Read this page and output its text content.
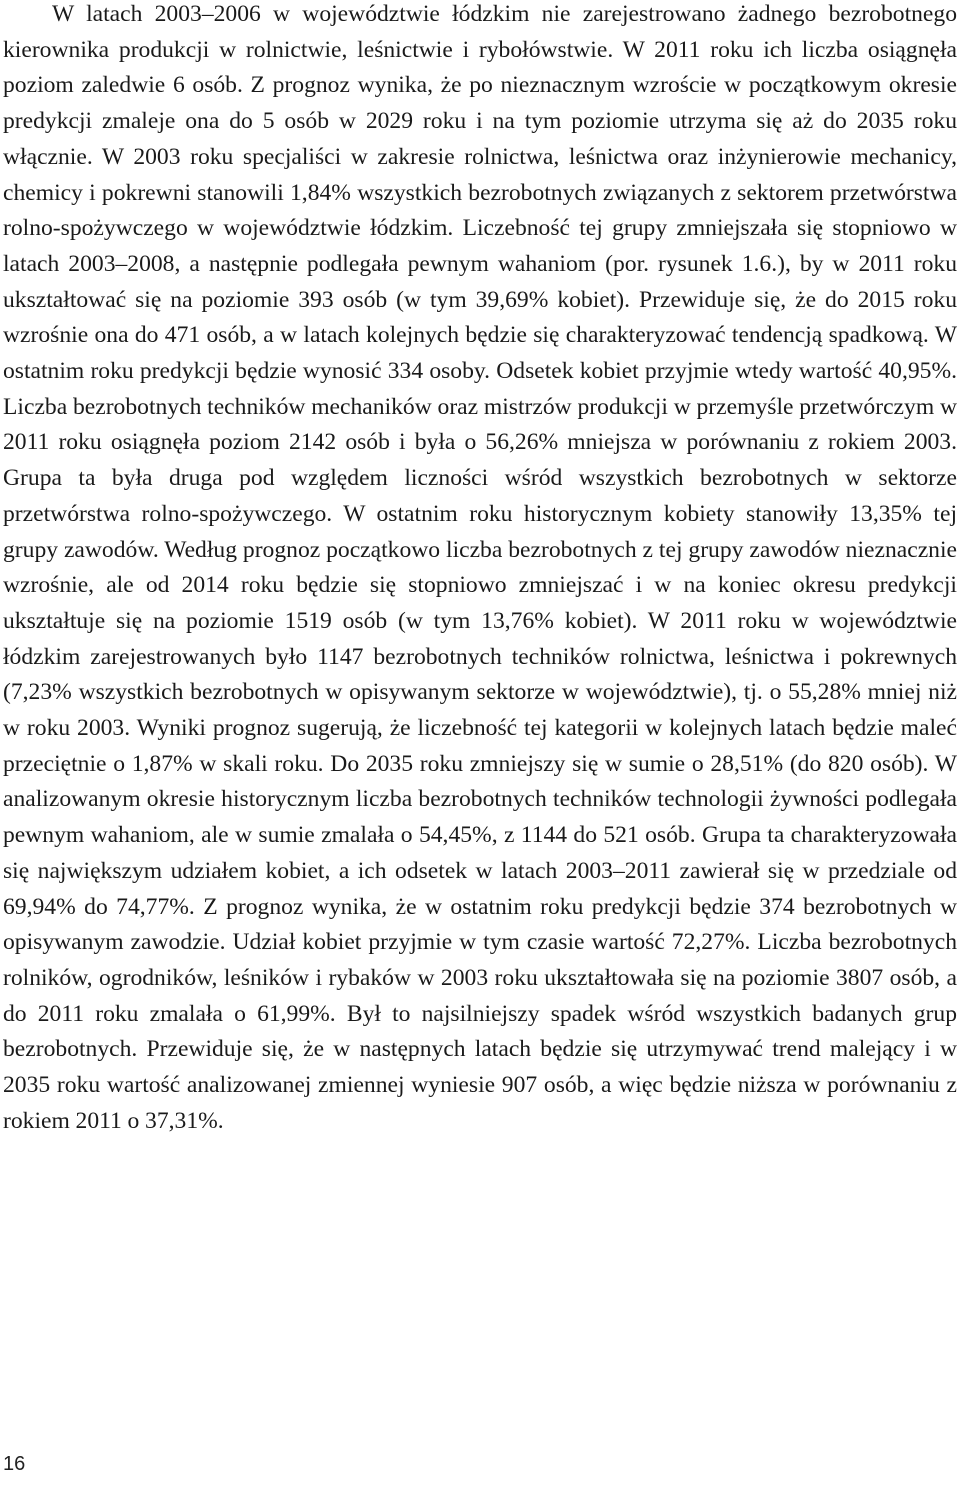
W latach 2003–2006 w województwie łódzkim nie zarejestrowano żadnego bezrobotnego kierownika produkcji w rolnictwie, leśnictwie i rybołówstwie. W 2011 roku ich liczba osiągnęła poziom zaledwie 6 osób. Z prognoz wynika, że po nieznacznym wzroście w początkowym okresie predykcji zmaleje ona do 5 osób w 2029 roku i na tym poziomie utrzyma się aż do 2035 roku włącznie. W 2003 roku specjaliści w zakresie rolnictwa, leśnictwa oraz inżynierowie mechanicy, chemicy i pokrewni stanowili 1,84% wszystkich bezrobotnych związanych z sektorem przetwórstwa rolno-spożywczego w województwie łódzkim. Liczebność tej grupy zmniejszała się stopniowo w latach 2003–2008, a następnie podlegała pewnym wahaniom (por. rysunek 1.6.), by w 2011 roku ukształtować się na poziomie 393 osób (w tym 39,69% kobiet). Przewiduje się, że do 2015 roku wzrośnie ona do 471 osób, a w latach kolejnych będzie się charakteryzować tendencją spadkową. W ostatnim roku predykcji będzie wynosić 334 osoby. Odsetek kobiet przyjmie wtedy wartość 40,95%. Liczba bezrobotnych techników mechaników oraz mistrzów produkcji w przemyśle przetwórczym w 2011 roku osiągnęła poziom 2142 osób i była o 56,26% mniejsza w porównaniu z rokiem 2003. Grupa ta była druga pod względem liczności wśród wszystkich bezrobotnych w sektorze przetwórstwa rolno-spożywczego. W ostatnim roku historycznym kobiety stanowiły 13,35% tej grupy zawodów. Według prognoz początkowo liczba bezrobotnych z tej grupy zawodów nieznacznie wzrośnie, ale od 2014 roku będzie się stopniowo zmniejszać i w na koniec okresu predykcji ukształtuje się na poziomie 1519 osób (w tym 13,76% kobiet). W 2011 roku w województwie łódzkim zarejestrowanych było 1147 bezrobotnych techników rolnictwa, leśnictwa i pokrewnych (7,23% wszystkich bezrobotnych w opisywanym sektorze w województwie), tj. o 55,28% mniej niż w roku 2003. Wyniki prognoz sugerują, że liczebność tej kategorii w kolejnych latach będzie maleć przeciętnie o 1,87% w skali roku. Do 2035 roku zmniejszy się w sumie o 28,51% (do 820 osób). W analizowanym okresie historycznym liczba bezrobotnych techników technologii żywności podlegała pewnym wahaniom, ale w sumie zmalała o 54,45%, z 1144 do 521 osób. Grupa ta charakteryzowała się największym udziałem kobiet, a ich odsetek w latach 2003–2011 zawierał się w przedziale od 69,94% do 74,77%. Z prognoz wynika, że w ostatnim roku predykcji będzie 374 bezrobotnych w opisywanym zawodzie. Udział kobiet przyjmie w tym czasie wartość 72,27%. Liczba bezrobotnych rolników, ogrodników, leśników i rybaków w 2003 roku ukształtowała się na poziomie 3807 osób, a do 2011 roku zmalała o 61,99%. Był to najsilniejszy spadek wśród wszystkich badanych grup bezrobotnych. Przewiduje się, że w następnych latach będzie się utrzymywać trend malejący i w 2035 roku wartość analizowanej zmiennej wyniesie 907 osób, a więc będzie niższa w porównaniu z rokiem 2011 o 37,31%.

16
